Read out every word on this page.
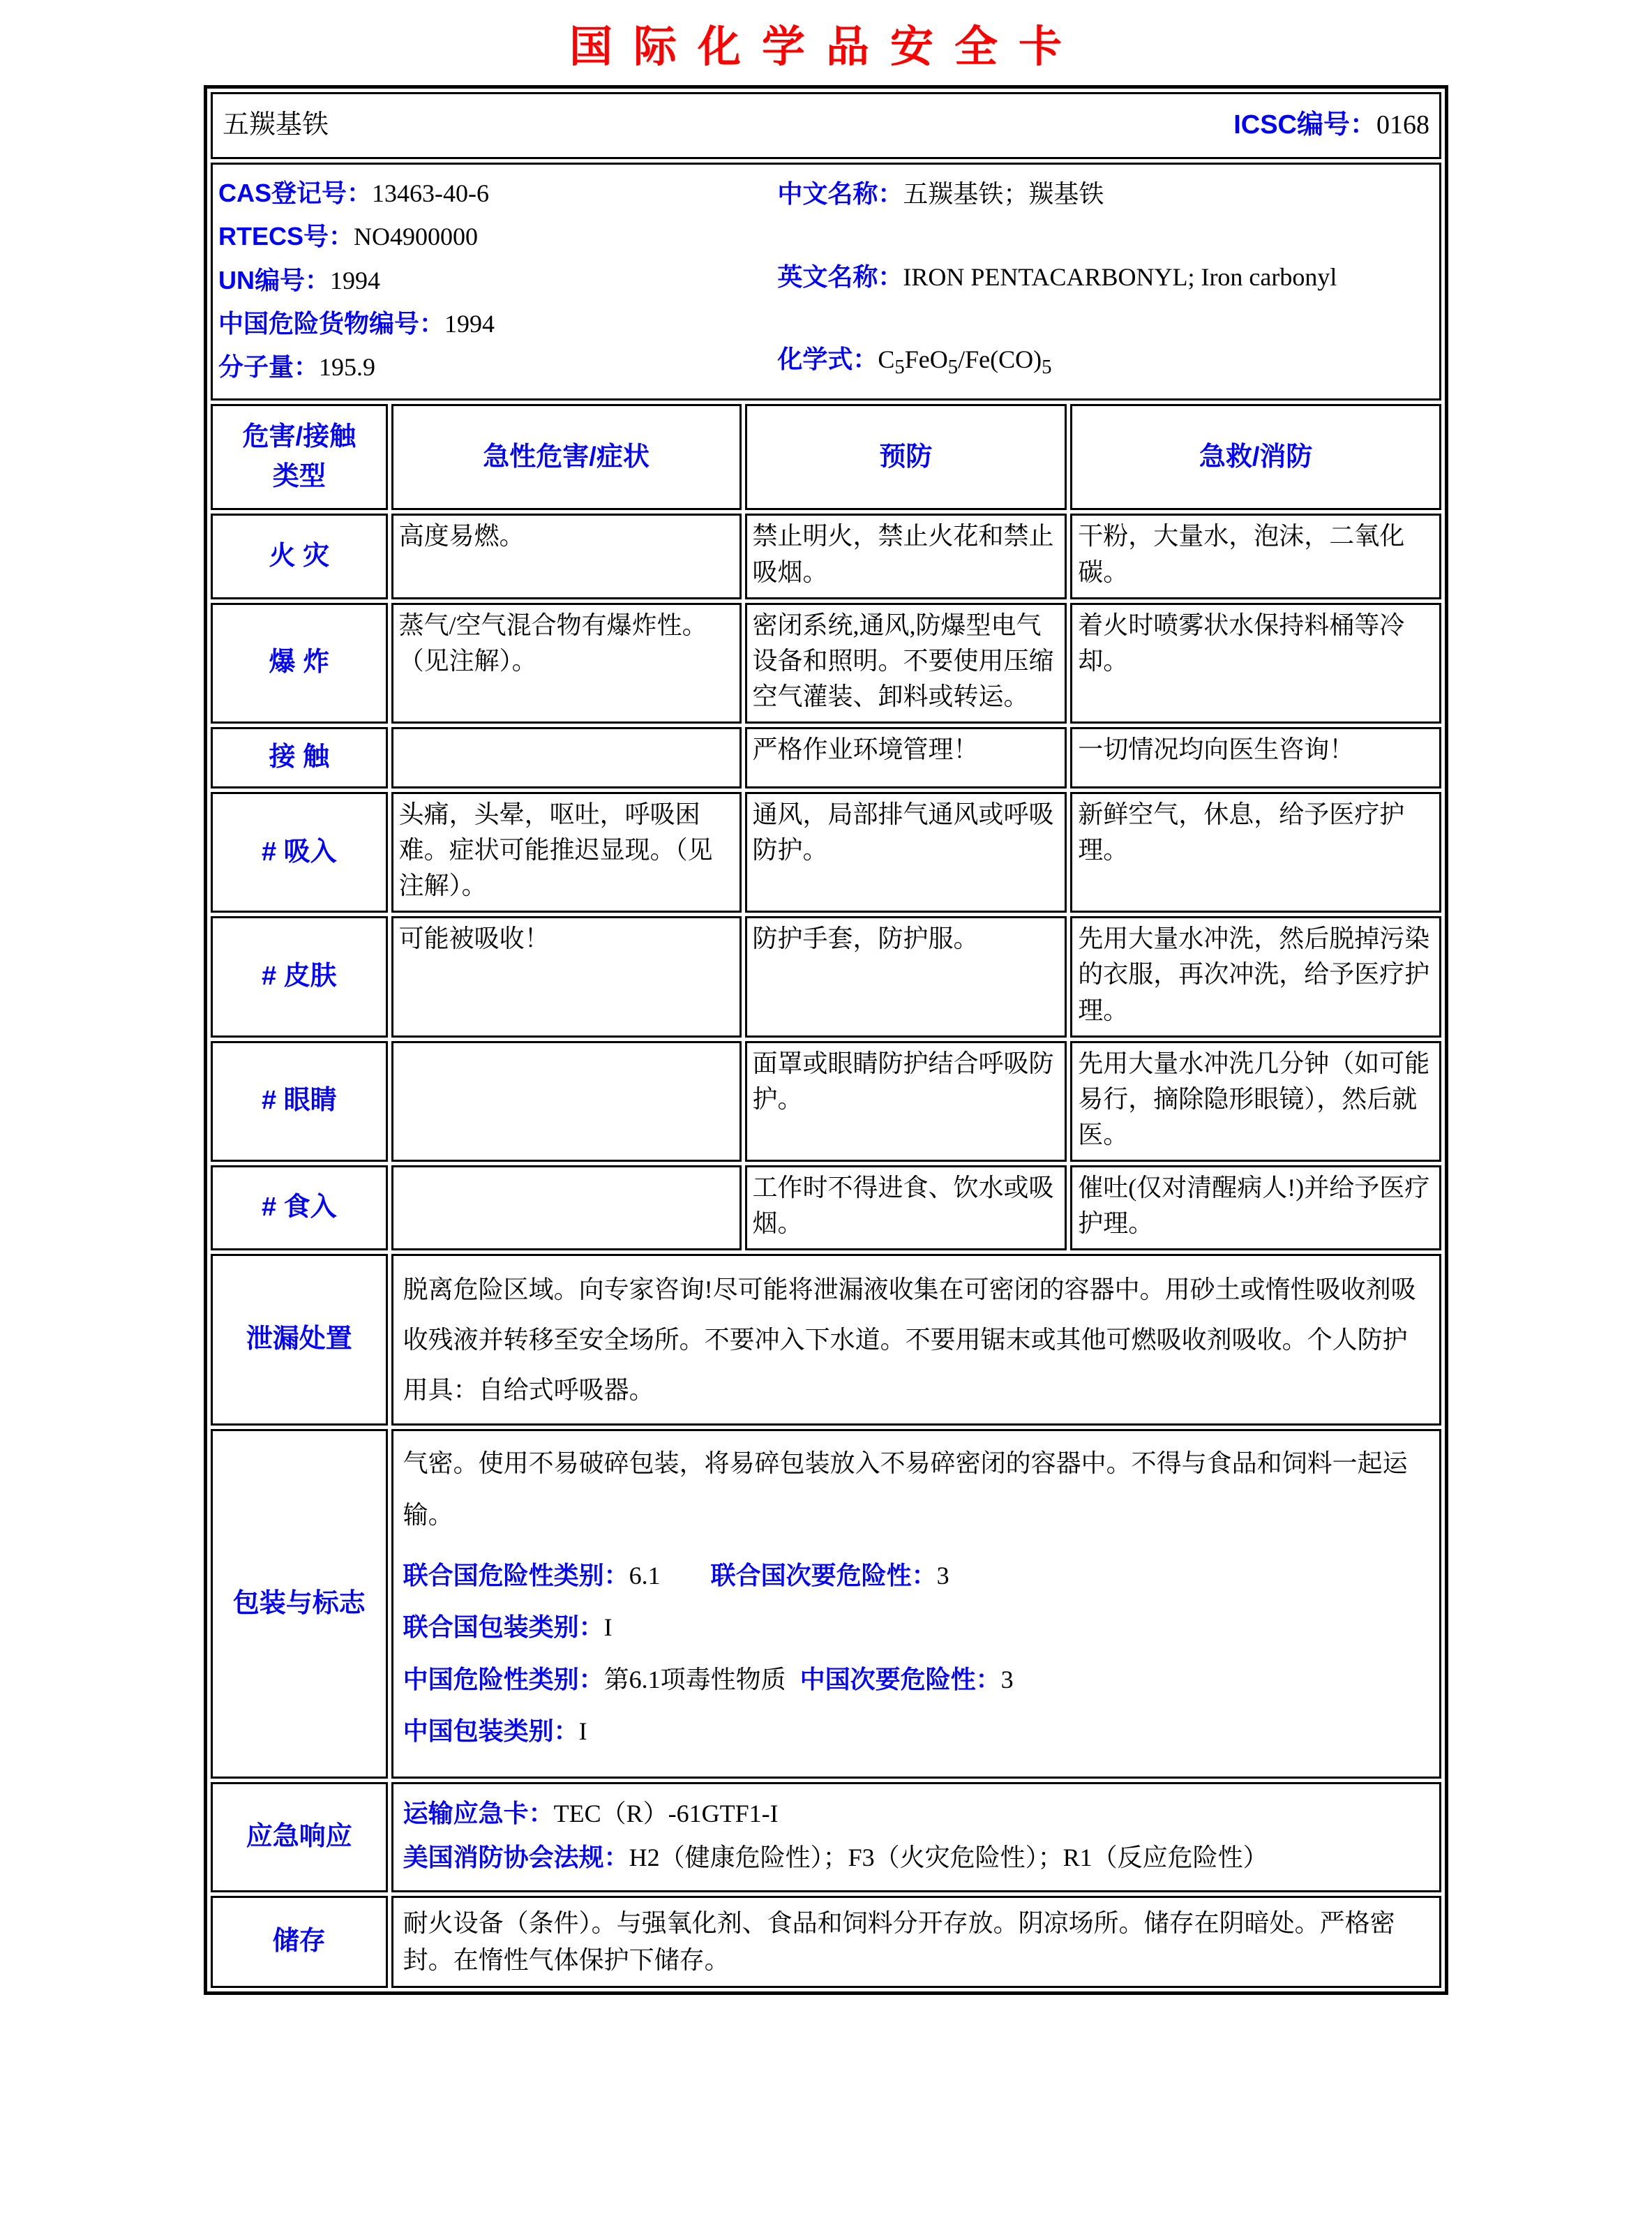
国际化学品安全卡
五羰基铁 ICSC编号：0168			

CAS登记号：13463-40-6
RTECS号：NO4900000
UN编号：1994
中国危险货物编号：1994
分子量：195.9
中文名称：五羰基铁；羰基铁
英文名称：IRON PENTACARBONYL; Iron carbonyl
化学式：$C_5FeO_5/Fe(CO)_5$

危害/接触
类型	急性危害/症状	预防	急救/消防
火 灾	高度易燃。	禁止明火，禁止火花和禁止吸烟。	干粉，大量水，泡沫，二氧化碳。
爆 炸	蒸气/空气混合物有爆炸性。（见注解）。	密闭系统,通风,防爆型电气设备和照明。不要使用压缩空气灌装、卸料或转运。	着火时喷雾状水保持料桶等冷却。
接 触		严格作业环境管理！	一切情况均向医生咨询！
# 吸入	头痛，头晕，呕吐，呼吸困难。症状可能推迟显现。（见注解）。	通风，局部排气通风或呼吸防护。	新鲜空气，休息，给予医疗护理。
# 皮肤	可能被吸收！	防护手套，防护服。	先用大量水冲洗，然后脱掉污染的衣服，再次冲洗，给予医疗护理。
# 眼睛		面罩或眼睛防护结合呼吸防护。	先用大量水冲洗几分钟（如可能易行，摘除隐形眼镜），然后就医。
# 食入		工作时不得进食、饮水或吸烟。	催吐(仅对清醒病人!)并给予医疗护理。
泄漏处置	脱离危险区域。向专家咨询!尽可能将泄漏液收集在可密闭的容器中。用砂土或惰性吸收剂吸收残液并转移至安全场所。不要冲入下水道。不要用锯末或其他可燃吸收剂吸收。个人防护用具：自给式呼吸器。		
包装与标志	气密。使用不易破碎包装，将易碎包装放入不易碎密闭的容器中。不得与食品和饲料一起运输。
联合国危险性类别：6.1 联合国次要危险性：3
联合国包装类别：I
中国危险性类别：第6.1项毒性物质 中国次要危险性：3
中国包装类别：I		

应急响应	运输应急卡：TEC（R）-61GTF1-I
美国消防协会法规：H2（健康危险性）；F3（火灾危险性）；R1（反应危险性）		

储存	耐火设备（条件）。与强氧化剂、食品和饲料分开存放。阴凉场所。储存在阴暗处。严格密封。在惰性气体保护下储存。		
